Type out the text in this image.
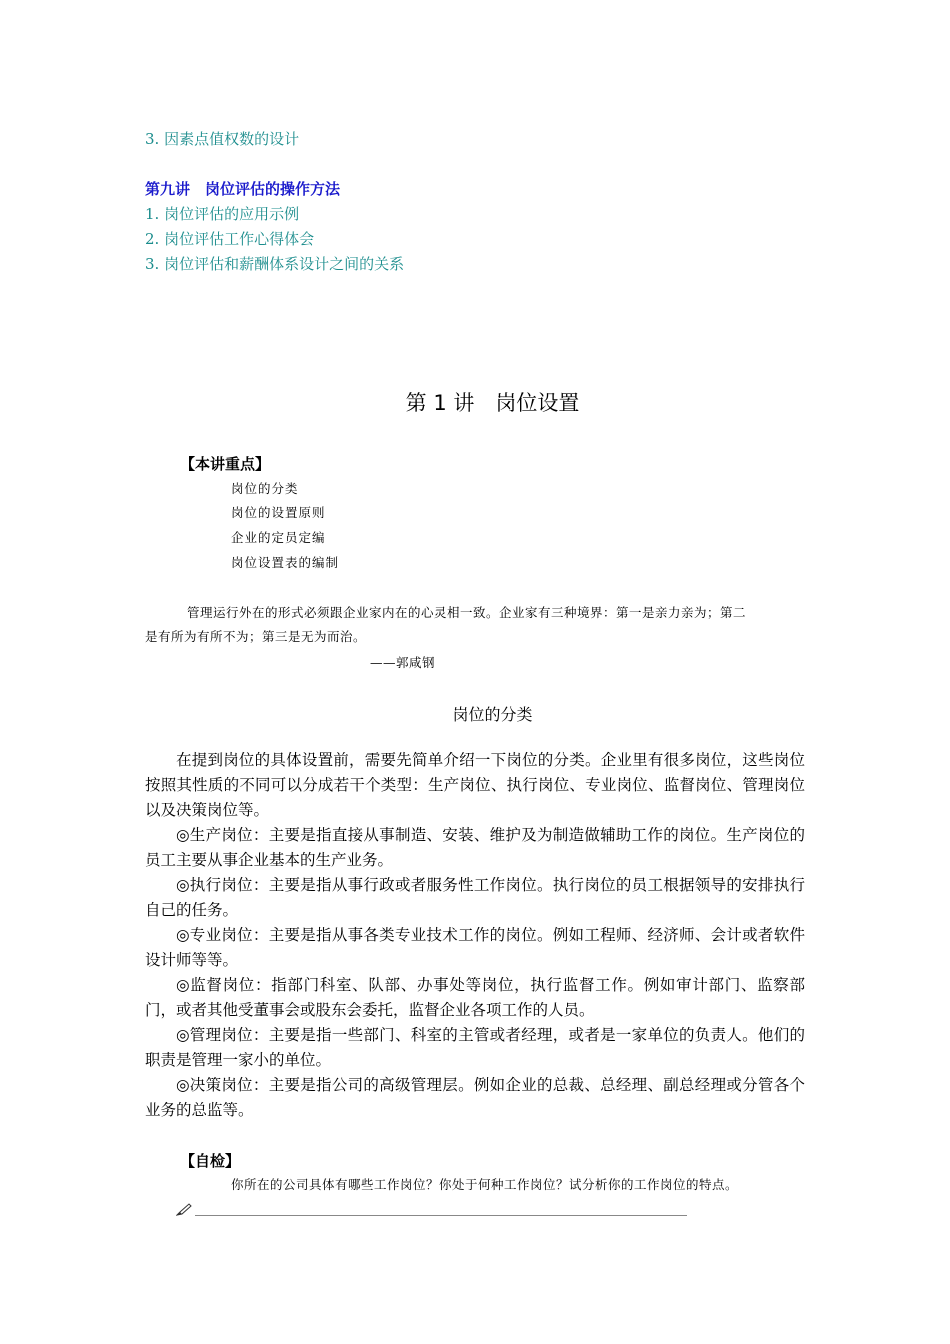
3. 因素点值权数的设计
第九讲　岗位评估的操作方法
1. 岗位评估的应用示例
2. 岗位评估工作心得体会
3. 岗位评估和薪酬体系设计之间的关系
第 1 讲　岗位设置
【本讲重点】
岗位的分类
岗位的设置原则
企业的定员定编
岗位设置表的编制
管理运行外在的形式必须跟企业家内在的心灵相一致。企业家有三种境界：第一是亲力亲为；第二
是有所为有所不为；第三是无为而治。
——郭咸钢
岗位的分类

在提到岗位的具体设置前，需要先简单介绍一下岗位的分类。企业里有很多岗位，这些岗位按照其性质的不同可以分成若干个类型：生产岗位、执行岗位、专业岗位、监督岗位、管理岗位以及决策岗位等。

◎生产岗位：主要是指直接从事制造、安装、维护及为制造做辅助工作的岗位。生产岗位的员工主要从事企业基本的生产业务。

◎执行岗位：主要是指从事行政或者服务性工作岗位。执行岗位的员工根据领导的安排执行自己的任务。

◎专业岗位：主要是指从事各类专业技术工作的岗位。例如工程师、经济师、会计或者软件设计师等等。

◎监督岗位：指部门科室、队部、办事处等岗位，执行监督工作。例如审计部门、监察部门，或者其他受董事会或股东会委托，监督企业各项工作的人员。

◎管理岗位：主要是指一些部门、科室的主管或者经理，或者是一家单位的负责人。他们的职责是管理一家小的单位。

◎决策岗位：主要是指公司的高级管理层。例如企业的总裁、总经理、副总经理或分管各个业务的总监等。

【自检】
你所在的公司具体有哪些工作岗位？你处于何种工作岗位？试分析你的工作岗位的特点。
